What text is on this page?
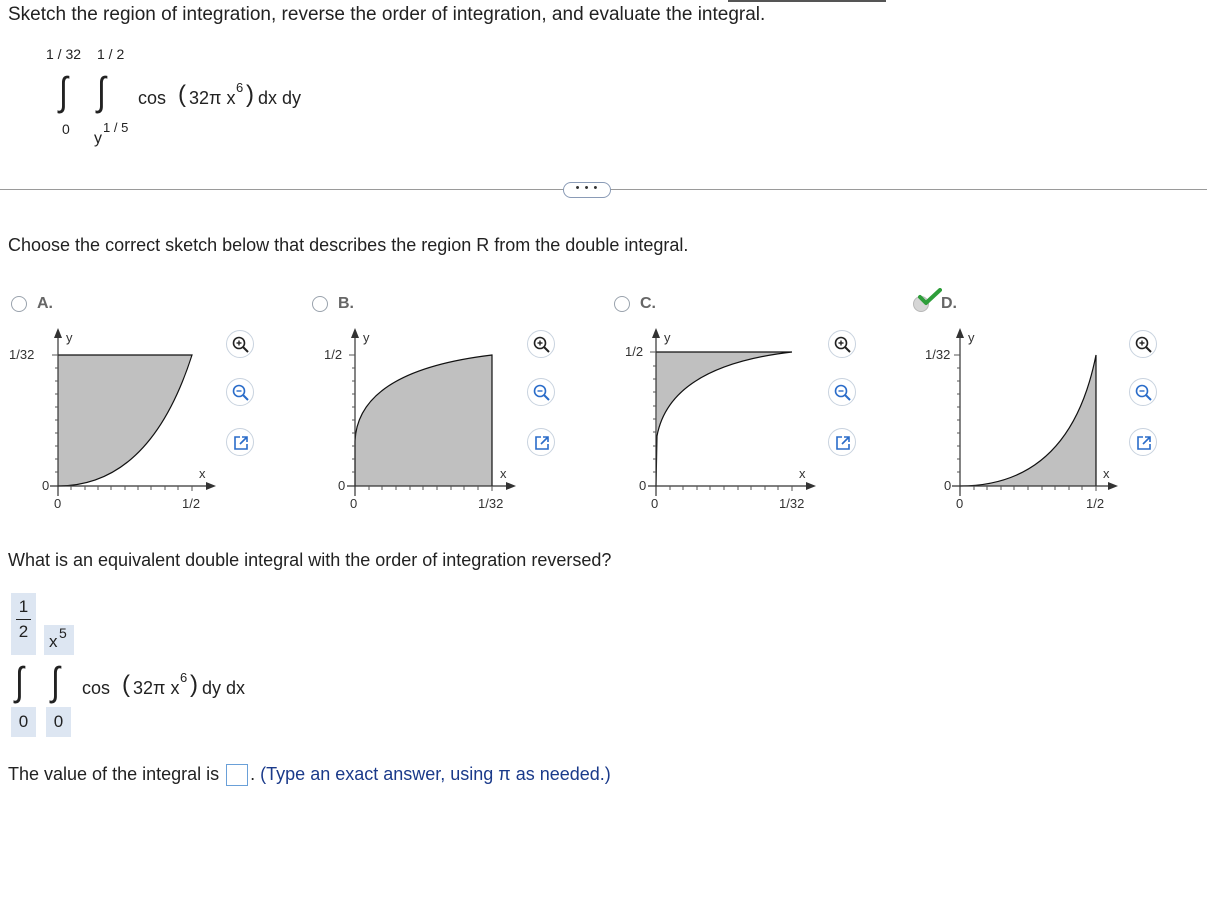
Sketch the region of integration, reverse the order of integration, and evaluate the integral.
1 / 32 1 / 2
∫ ∫
0
y
1 / 5
cos ( 32π x
6 ) dx dy
• • •
Choose the correct sketch below that describes the region R from the double integral.
A.
y
1/32
0
0
x
1/2
B.
y
1/2
0
0
x
1/32
C.
y
1/2
0
0
x
1/32
D.
y
1/32
0
0
x
1/2
What is an equivalent double integral with the order of integration reversed?
1
2
x 5
∫ ∫
0	0
cos ( 32π x
6 ) dy dx
The value of the integral is . (Type an exact answer, using π as needed.)
